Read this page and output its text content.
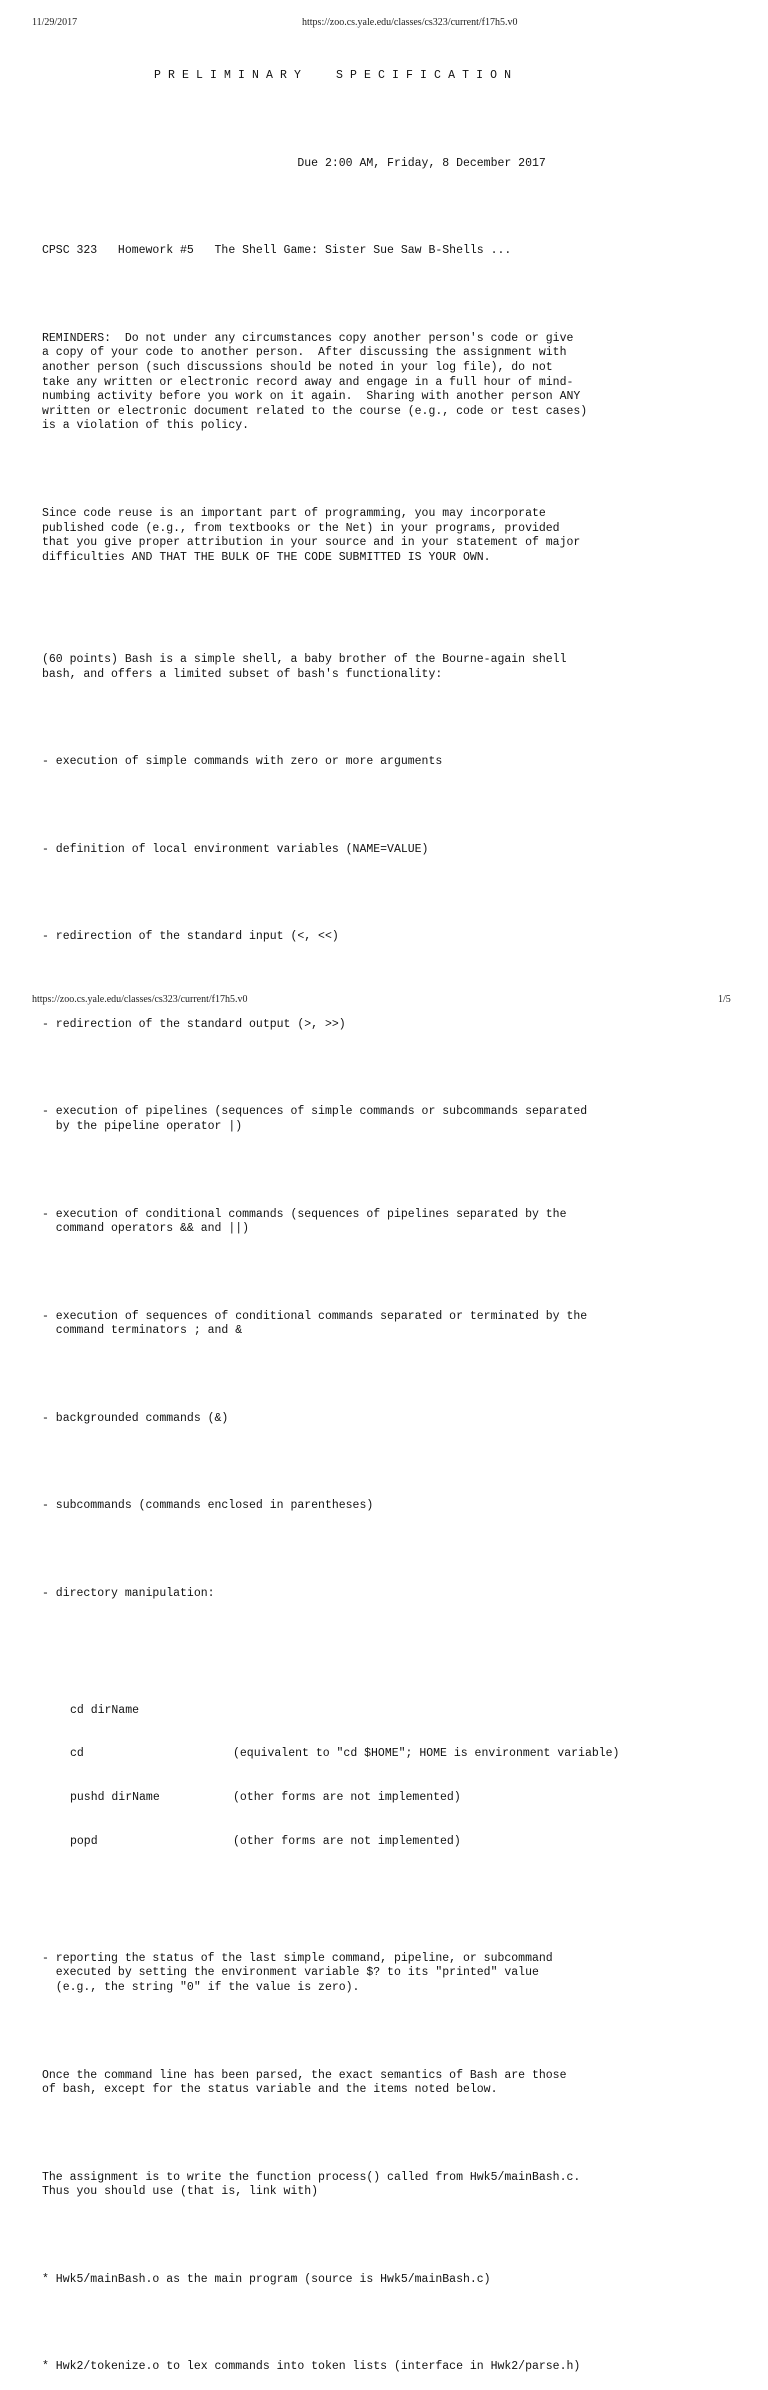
11/29/2017	https://zoo.cs.yale.edu/classes/cs323/current/f17h5.v0

P R E L I M I N A R Y     S P E C I F I C A T I O N

Due 2:00 AM, Friday, 8 December 2017

CPSC 323   Homework #5   The Shell Game: Sister Sue Saw B-Shells ...

REMINDERS:  Do not under any circumstances copy another person's code or give
a copy of your code to another person.  After discussing the assignment with
another person (such discussions should be noted in your log file), do not
take any written or electronic record away and engage in a full hour of mind-
numbing activity before you work on it again.  Sharing with another person ANY
written or electronic document related to the course (e.g., code or test cases)
is a violation of this policy.

Since code reuse is an important part of programming, you may incorporate
published code (e.g., from textbooks or the Net) in your programs, provided
that you give proper attribution in your source and in your statement of major
difficulties AND THAT THE BULK OF THE CODE SUBMITTED IS YOUR OWN.

(60 points) Bash is a simple shell, a baby brother of the Bourne-again shell
bash, and offers a limited subset of bash's functionality:

- execution of simple commands with zero or more arguments

- definition of local environment variables (NAME=VALUE)

- redirection of the standard input (<, <<)

- redirection of the standard output (>, >>)

- execution of pipelines (sequences of simple commands or subcommands separated
by the pipeline operator |)

- execution of conditional commands (sequences of pipelines separated by the
command operators && and ||)

- execution of sequences of conditional commands separated or terminated by the
command terminators ; and &

- backgrounded commands (&)

- subcommands (commands enclosed in parentheses)

- directory manipulation:

cd dirName

cd	(equivalent to "cd $HOME"; HOME is environment variable)

pushd dirName	(other forms are not implemented)

popd	(other forms are not implemented)

- reporting the status of the last simple command, pipeline, or subcommand
executed by setting the environment variable $? to its "printed" value
(e.g., the string "0" if the value is zero).

Once the command line has been parsed, the exact semantics of Bash are those
of bash, except for the status variable and the items noted below.

The assignment is to write the function process() called from Hwk5/mainBash.c.
Thus you should use (that is, link with)

* Hwk5/mainBash.o as the main program (source is Hwk5/mainBash.c)

* Hwk2/tokenize.o to lex commands into token lists (interface in Hwk2/parse.h)

https://zoo.cs.yale.edu/classes/cs323/current/f17h5.v0	1/5
